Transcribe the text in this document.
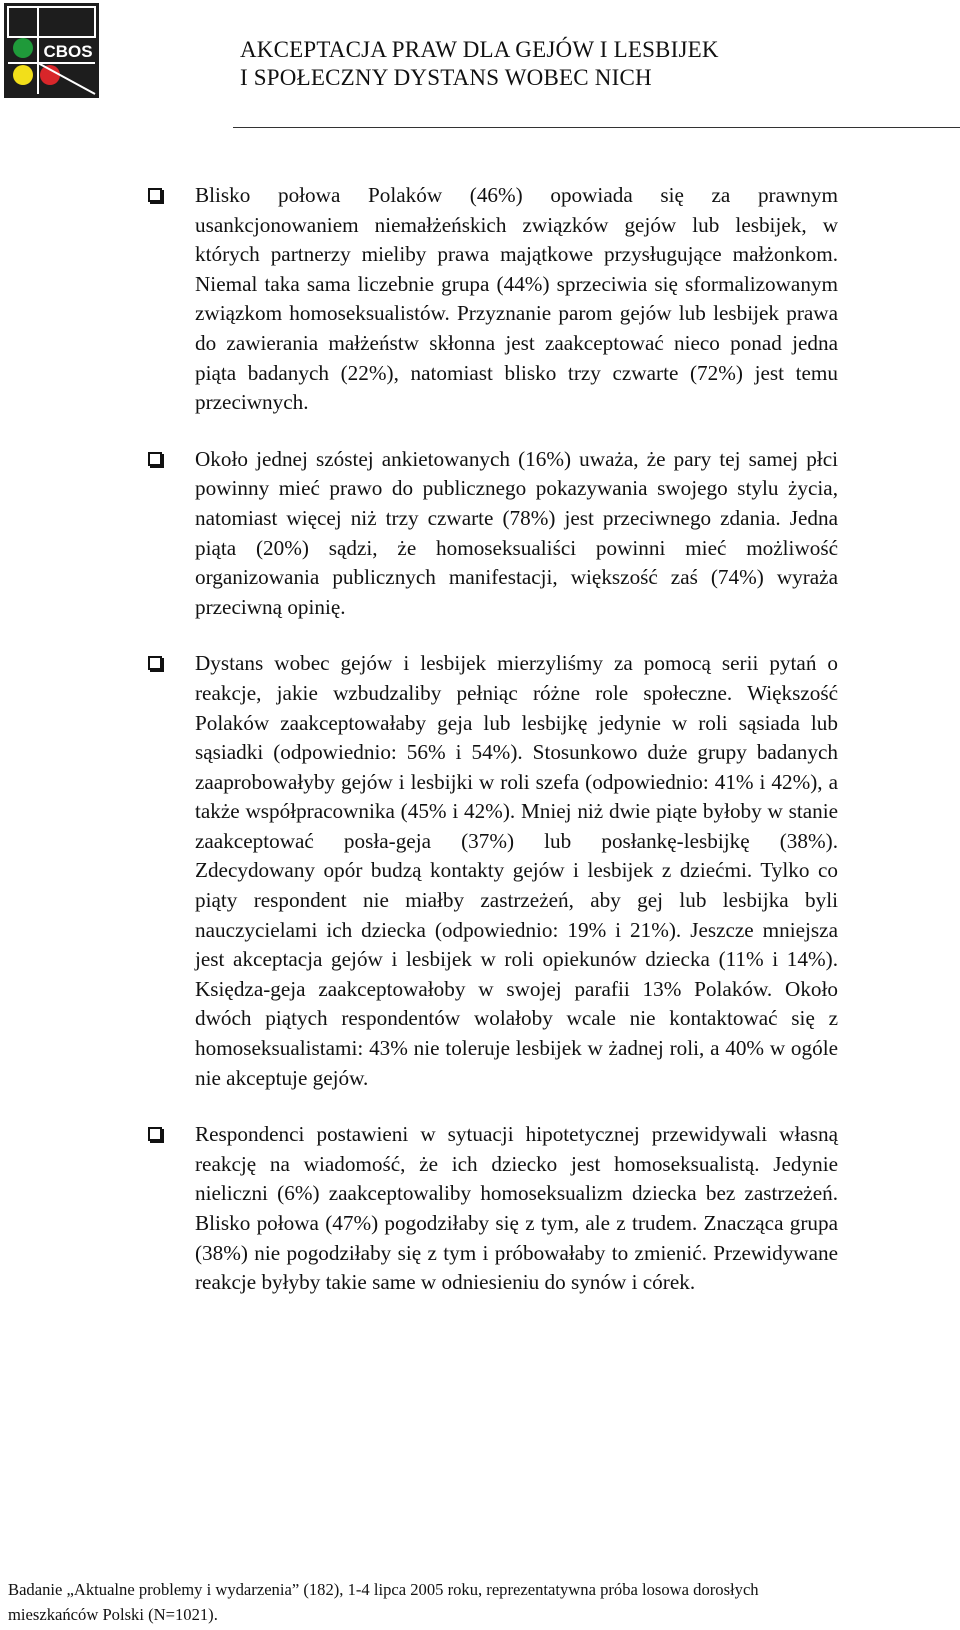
CBOS	AKCEPTACJA PRAW DLA GEJÓW I LESBIJEK
I SPOŁECZNY DYSTANS WOBEC NICH

Blisko połowa Polaków (46%) opowiada się za prawnym usankcjonowaniem niemałżeńskich związków gejów lub lesbijek, w których partnerzy mieliby prawa majątkowe przysługujące małżonkom. Niemal taka sama liczebnie grupa (44%) sprzeciwia się sformalizowanym związkom homoseksualistów. Przyznanie parom gejów lub lesbijek prawa do zawierania małżeństw skłonna jest zaakceptować nieco ponad jedna piąta badanych (22%), natomiast blisko trzy czwarte (72%) jest temu przeciwnych.

Około jednej szóstej ankietowanych (16%) uważa, że pary tej samej płci powinny mieć prawo do publicznego pokazywania swojego stylu życia, natomiast więcej niż trzy czwarte (78%) jest przeciwnego zdania. Jedna piąta (20%) sądzi, że homoseksualiści powinni mieć możliwość organizowania publicznych manifestacji, większość zaś (74%) wyraża przeciwną opinię.

Dystans wobec gejów i lesbijek mierzyliśmy za pomocą serii pytań o reakcje, jakie wzbudzaliby pełniąc różne role społeczne. Większość Polaków zaakceptowałaby geja lub lesbijkę jedynie w roli sąsiada lub sąsiadki (odpowiednio: 56% i 54%). Stosunkowo duże grupy badanych zaaprobowałyby gejów i lesbijki w roli szefa (odpowiednio: 41% i 42%), a także współpracownika (45% i 42%). Mniej niż dwie piąte byłoby w stanie zaakceptować posła-geja (37%) lub posłankę-lesbijkę (38%). Zdecydowany opór budzą kontakty gejów i lesbijek z dziećmi. Tylko co piąty respondent nie miałby zastrzeżeń, aby gej lub lesbijka byli nauczycielami ich dziecka (odpowiednio: 19% i 21%). Jeszcze mniejsza jest akceptacja gejów i lesbijek w roli opiekunów dziecka (11% i 14%). Księdza-geja zaakceptowałoby w swojej parafii 13% Polaków. Około dwóch piątych respondentów wolałoby wcale nie kontaktować się z homoseksualistami: 43% nie toleruje lesbijek w żadnej roli, a 40% w ogóle nie akceptuje gejów.

Respondenci postawieni w sytuacji hipotetycznej przewidywali własną reakcję na wiadomość, że ich dziecko jest homoseksualistą. Jedynie nieliczni (6%) zaakceptowaliby homoseksualizm dziecka bez zastrzeżeń. Blisko połowa (47%) pogodziłaby się z tym, ale z trudem. Znacząca grupa (38%) nie pogodziłaby się z tym i próbowałaby to zmienić. Przewidywane reakcje byłyby takie same w odniesieniu do synów i córek.

Badanie „Aktualne problemy i wydarzenia” (182), 1-4 lipca 2005 roku, reprezentatywna próba losowa dorosłych
mieszkańców Polski (N=1021).
